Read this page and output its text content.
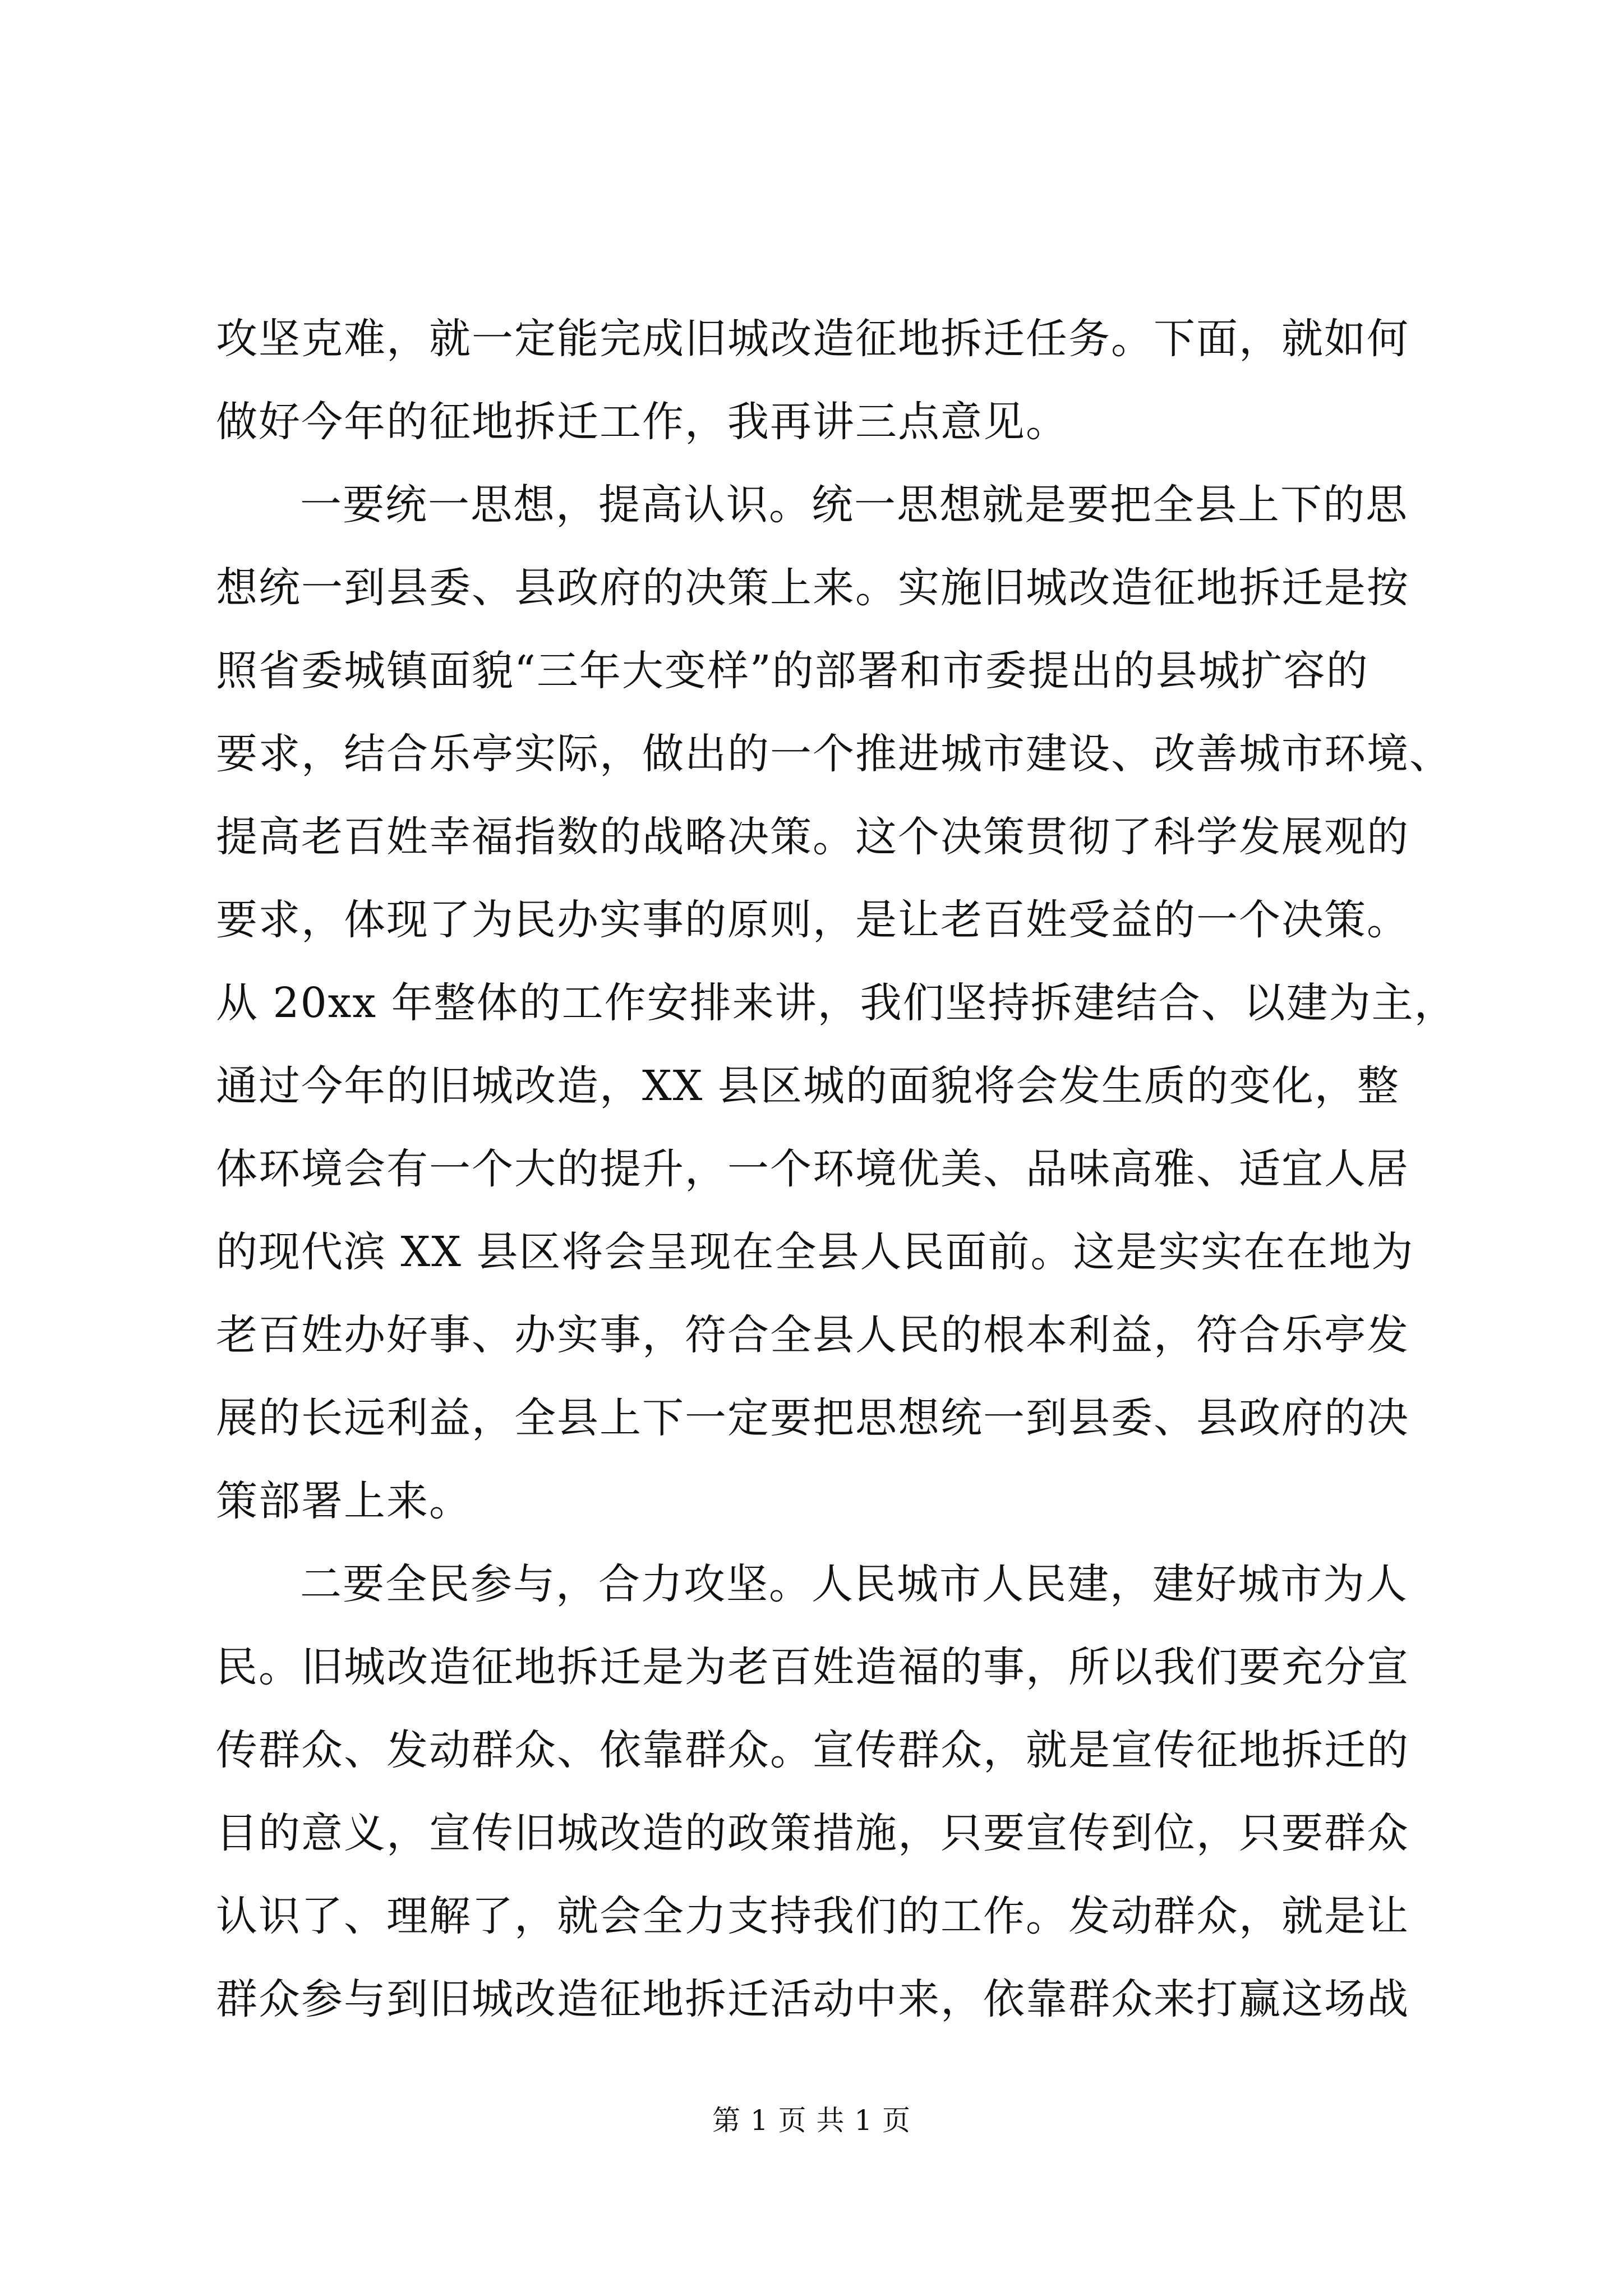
攻坚克难，就一定能完成旧城改造征地拆迁任务。下面，就如何
做好今年的征地拆迁工作，我再讲三点意见。
一要统一思想，提高认识。统一思想就是要把全县上下的思
想统一到县委、县政府的决策上来。实施旧城改造征地拆迁是按
照省委城镇面貌“三年大变样”的部署和市委提出的县城扩容的
要求，结合乐亭实际，做出的一个推进城市建设、改善城市环境、
提高老百姓幸福指数的战略决策。这个决策贯彻了科学发展观的
要求，体现了为民办实事的原则，是让老百姓受益的一个决策。
从 20xx 年整体的工作安排来讲，我们坚持拆建结合、以建为主，
通过今年的旧城改造，XX 县区城的面貌将会发生质的变化，整
体环境会有一个大的提升，一个环境优美、品味高雅、适宜人居
的现代滨 XX 县区将会呈现在全县人民面前。这是实实在在地为
老百姓办好事、办实事，符合全县人民的根本利益，符合乐亭发
展的长远利益，全县上下一定要把思想统一到县委、县政府的决
策部署上来。
二要全民参与，合力攻坚。人民城市人民建，建好城市为人
民。旧城改造征地拆迁是为老百姓造福的事，所以我们要充分宣
传群众、发动群众、依靠群众。宣传群众，就是宣传征地拆迁的
目的意义，宣传旧城改造的政策措施，只要宣传到位，只要群众
认识了、理解了，就会全力支持我们的工作。发动群众，就是让
群众参与到旧城改造征地拆迁活动中来，依靠群众来打赢这场战
第 1 页 共 1 页
